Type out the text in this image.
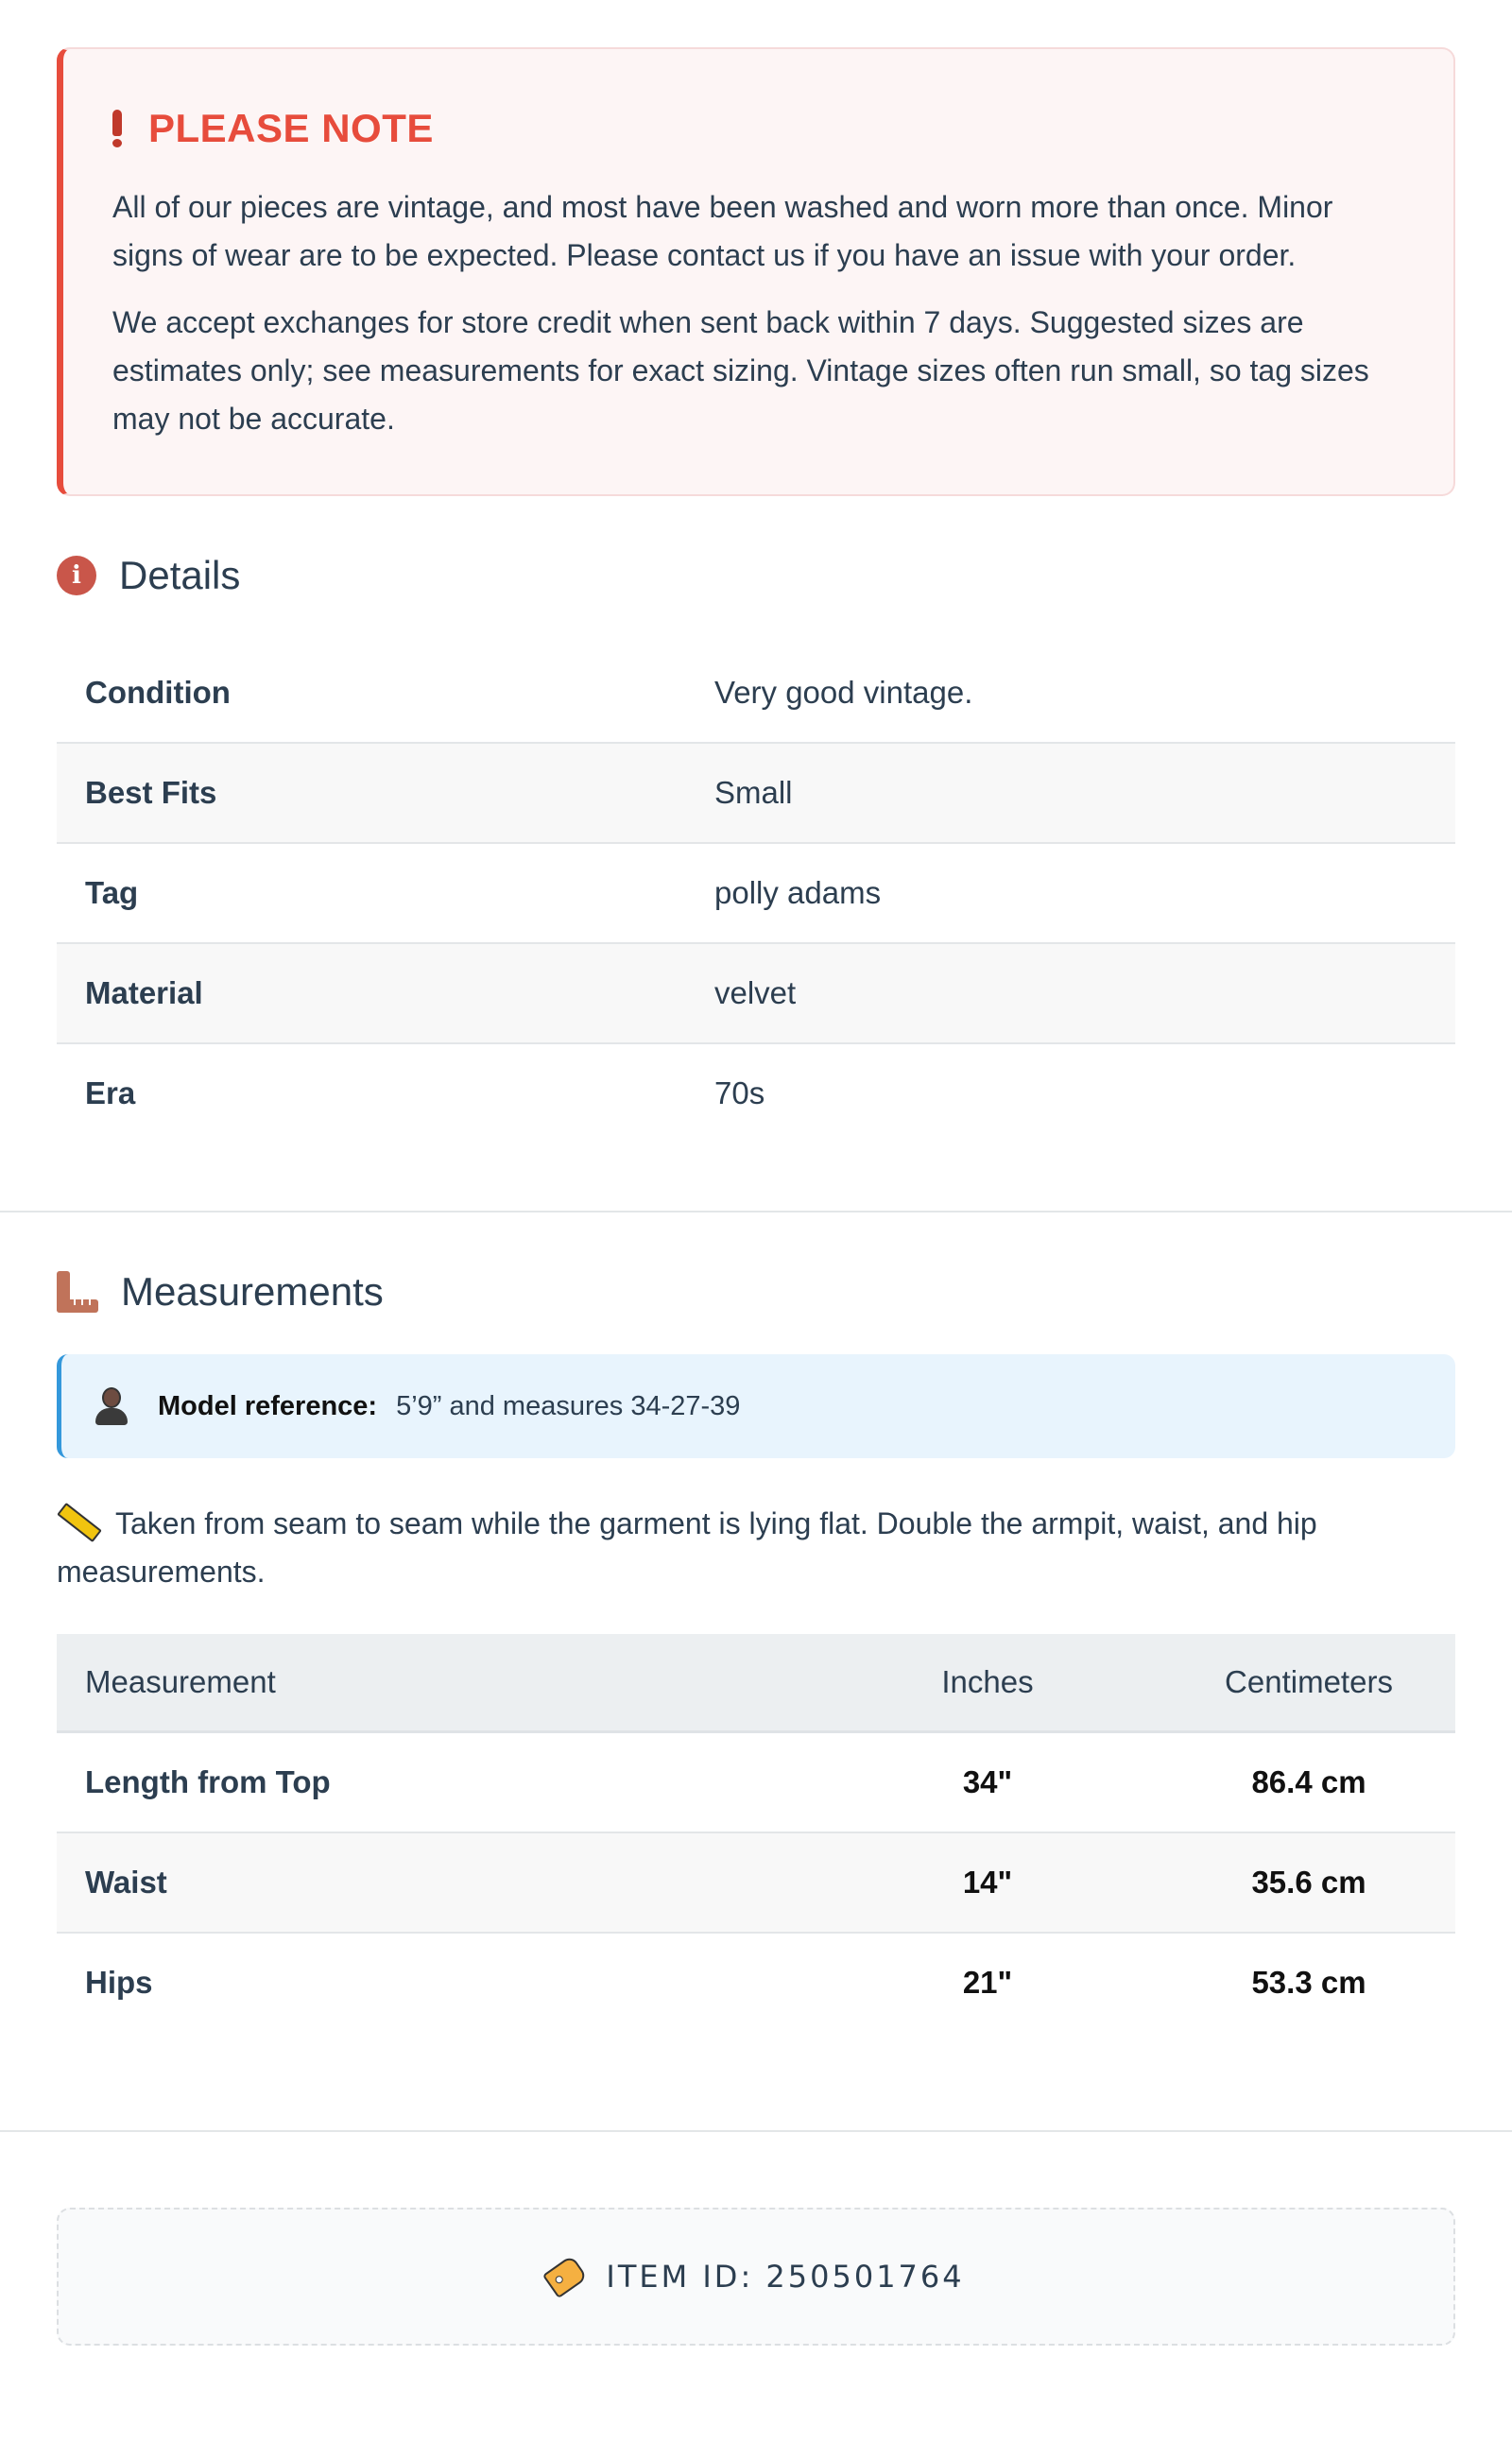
PLEASE NOTE

All of our pieces are vintage, and most have been washed and worn more than once. Minor signs of wear are to be expected. Please contact us if you have an issue with your order.

We accept exchanges for store credit when sent back within 7 days. Suggested sizes are estimates only; see measurements for exact sizing. Vintage sizes often run small, so tag sizes may not be accurate.

i Details
Condition	Very good vintage.
Best Fits	Small
Tag	polly adams
Material	velvet
Era	70s
Measurements
Model reference: 5’9” and measures 34-27-39
Taken from seam to seam while the garment is lying flat. Double the armpit, waist, and hip measurements.
Measurement	Inches	Centimeters
Length from Top	34"	86.4 cm
Waist	14"	35.6 cm
Hips	21"	53.3 cm
ITEM ID: 250501764
